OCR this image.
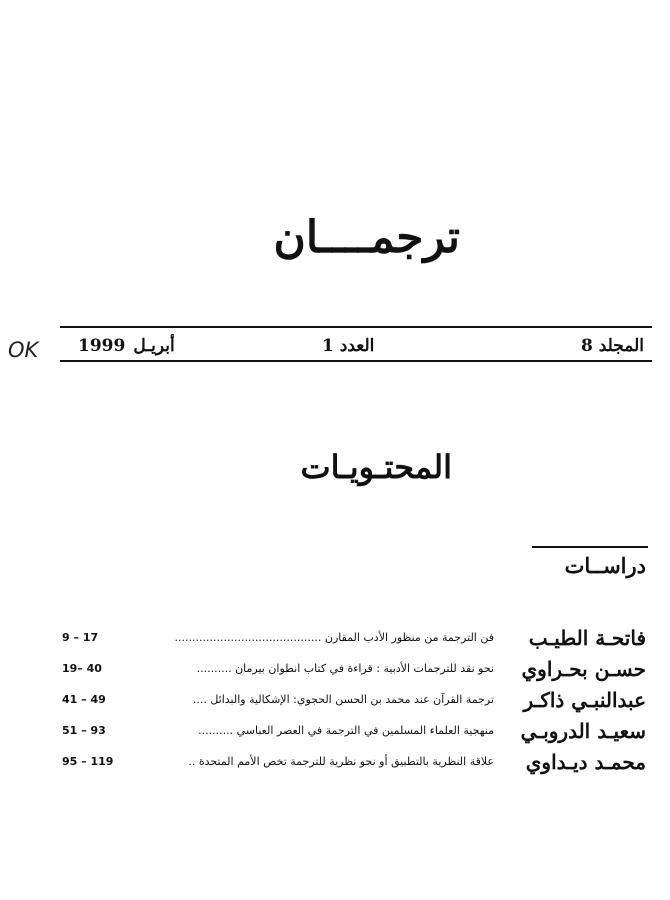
ترجمــــان
OK	المجلد 8
العدد 1
1999 أبريـل
المحتـويـات
دراســات
فاتحـة الطيـب
فن الترجمة من منظور الأدب المقارن ..........................................
9 – 17
حسـن بحـراوي
نحو نقد للترجمات الأدبية : قراءة في كتاب انطوان بيرمان ..........
19– 40
عبدالنبـي ذاكـر
ترجمة القرآن عند محمد بن الحسن الحجوي: الإشكالية والبدائل ....
41 – 49
سعيـد الدروبـي
منهجية العلماء المسلمين في الترجمة في العصر العباسي ..........
51 – 93
محمـد ديـداوي
علاقة النظرية بالتطبيق أو نحو نظرية للترجمة تخص الأمم المتحدة ..
95 – 119
